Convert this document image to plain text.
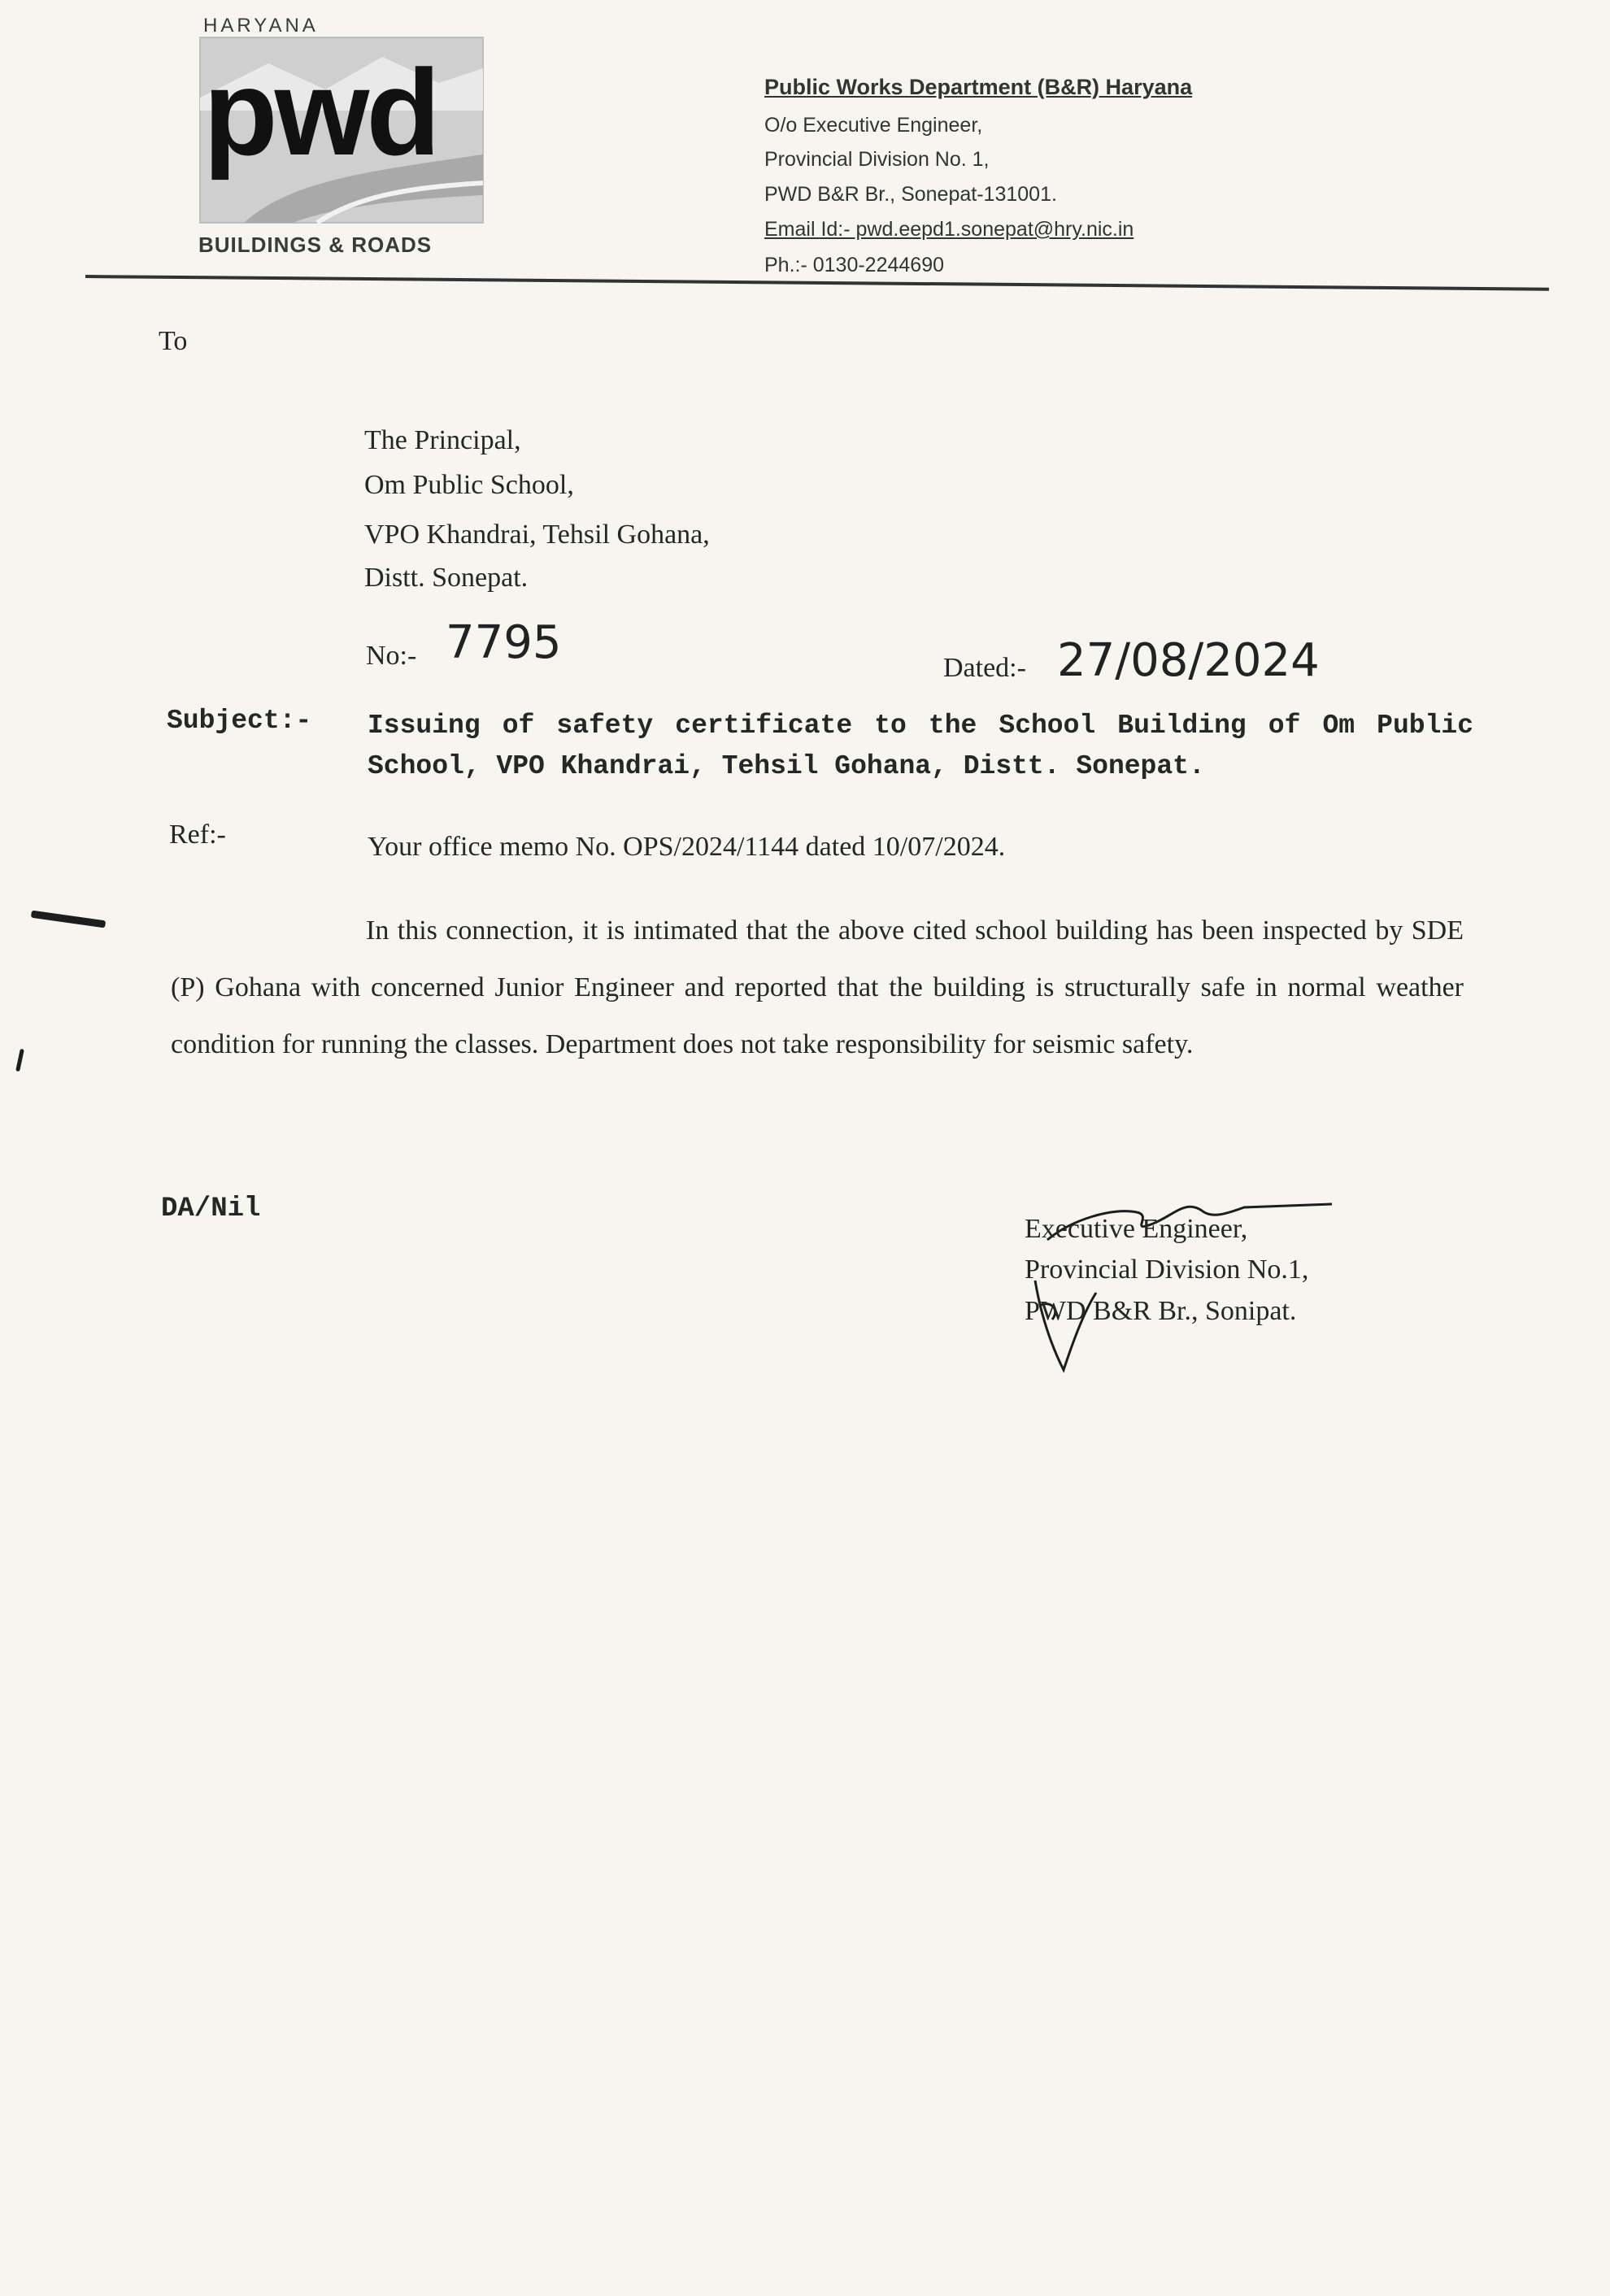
HARYANA
pwd
BUILDINGS & ROADS
Public Works Department (B&R) Haryana
O/o Executive Engineer,
Provincial Division No. 1,
PWD B&R Br., Sonepat-131001.
Email Id:- pwd.eepd1.sonepat@hry.nic.in
Ph.:- 0130-2244690
To
The Principal,
Om Public School,
VPO Khandrai, Tehsil Gohana,
Distt. Sonepat.
No:- 7795	Dated:- 27/08/2024
Subject:- Issuing of safety certificate to the School Building of Om Public School, VPO Khandrai, Tehsil Gohana, Distt. Sonepat.
Ref:-	Your office memo No. OPS/2024/1144 dated 10/07/2024.
In this connection, it is intimated that the above cited school building has been inspected by SDE (P) Gohana with concerned Junior Engineer and reported that the building is structurally safe in normal weather condition for running the classes. Department does not take responsibility for seismic safety.
DA/Nil
Executive Engineer,
Provincial Division No.1,
PWD B&R Br., Sonipat.
